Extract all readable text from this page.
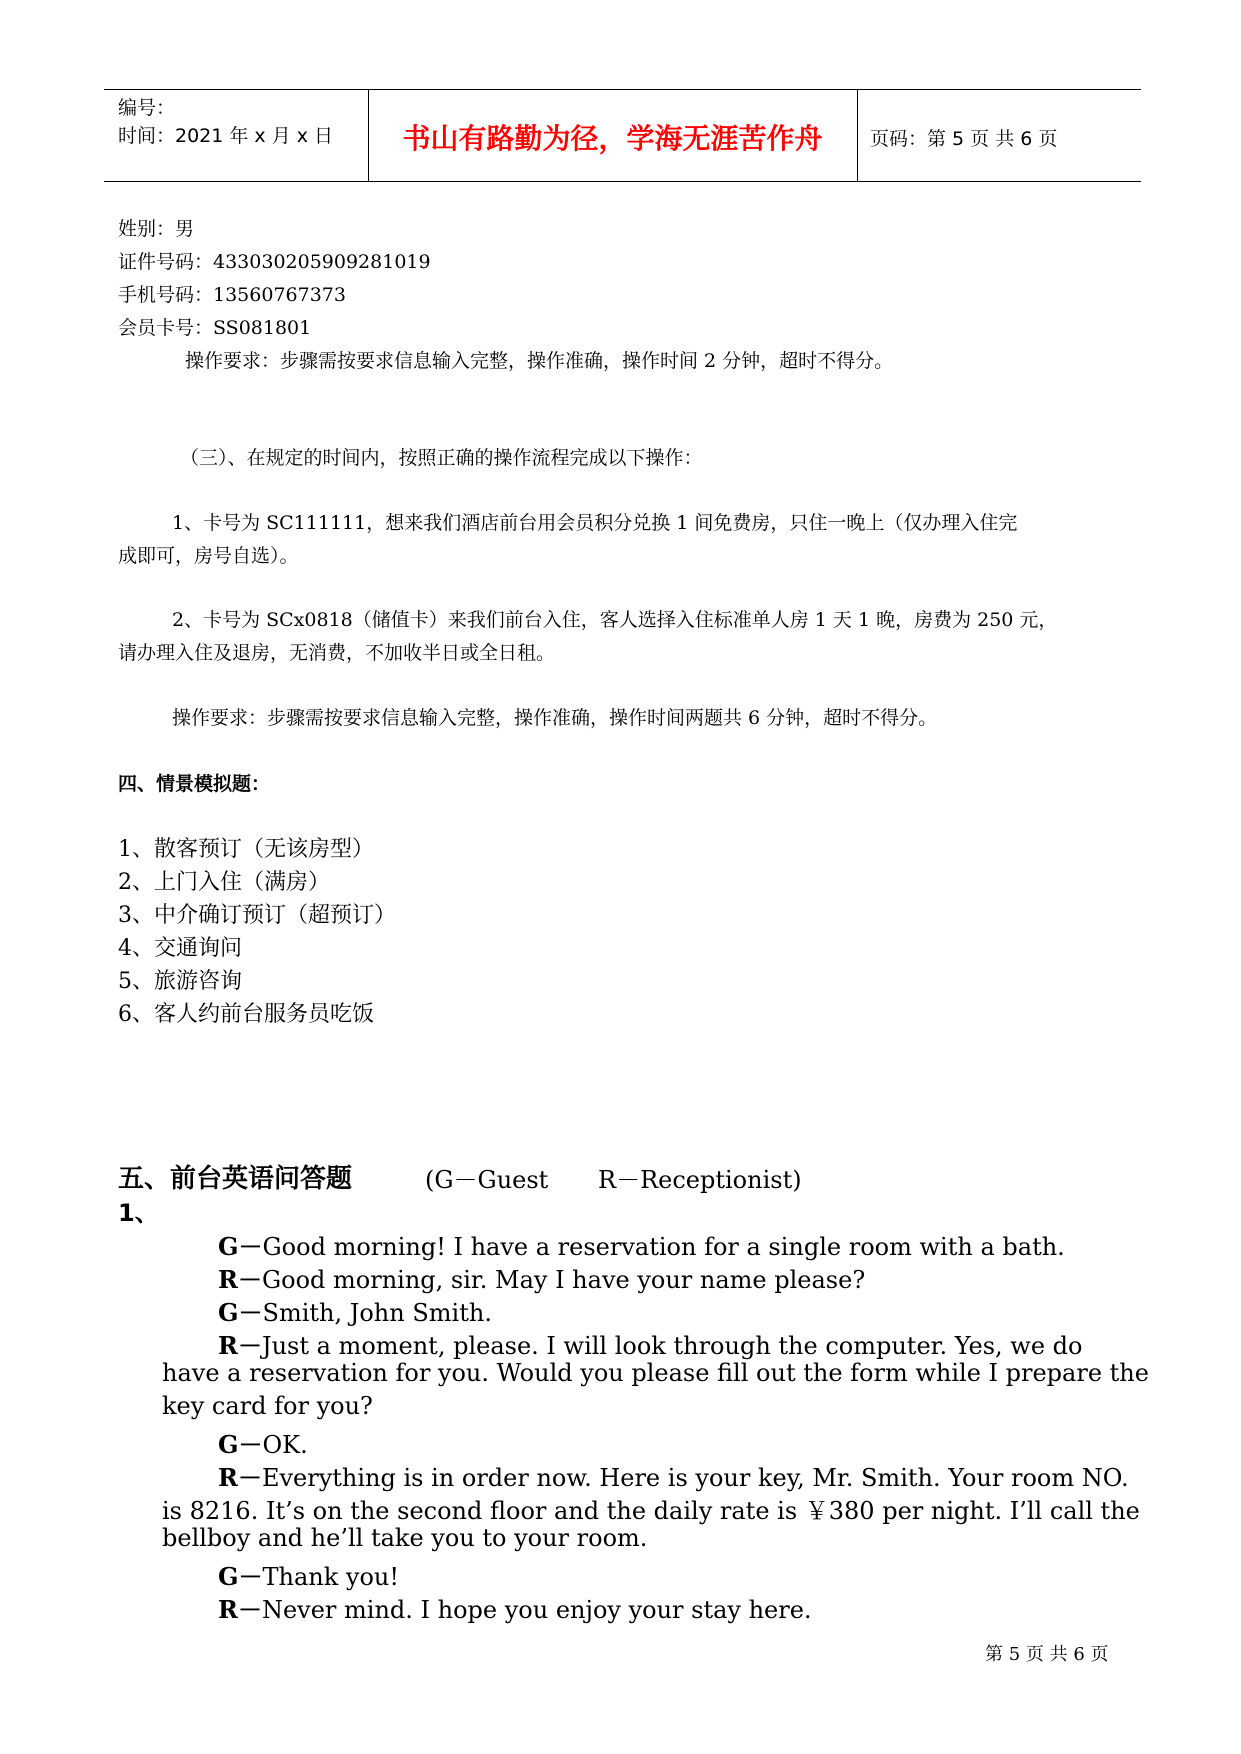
编号：
时间：2021 年 x 月 x 日	书山有路勤为径，学海无涯苦作舟	页码：第 5 页 共 6 页
姓别：男
证件号码：433030205909281019
手机号码：13560767373
会员卡号：SS081801
操作要求：步骤需按要求信息输入完整，操作准确，操作时间 2 分钟，超时不得分。
（三）、在规定的时间内，按照正确的操作流程完成以下操作：
1、卡号为 SC111111，想来我们酒店前台用会员积分兑换 1 间免费房，只住一晚上（仅办理入住完
成即可，房号自选）。
2、卡号为 SCx0818（储值卡）来我们前台入住，客人选择入住标准单人房 1 天 1 晚，房费为 250 元，
请办理入住及退房，无消费，不加收半日或全日租。
操作要求：步骤需按要求信息输入完整，操作准确，操作时间两题共 6 分钟，超时不得分。
四、情景模拟题：
1、散客预订（无该房型）
2、上门入住（满房）
3、中介确订预订（超预订）
4、交通询问
5、旅游咨询
6、客人约前台服务员吃饭
五、前台英语问答题	(G－Guest R－Receptionist)
1、
G－Good morning! I have a reservation for a single room with a bath.
R－Good morning, sir. May I have your name please?
G－Smith, John Smith.
R－Just a moment, please. I will look through the computer. Yes, we do
have a reservation for you. Would you please fill out the form while I prepare the
key card for you?
G－OK.
R－Everything is in order now. Here is your key, Mr. Smith. Your room NO.
is 8216. It’s on the second floor and the daily rate is ￥380 per night. I’ll call the
bellboy and he’ll take you to your room.
G－Thank you!
R－Never mind. I hope you enjoy your stay here.
第 5 页 共 6 页
